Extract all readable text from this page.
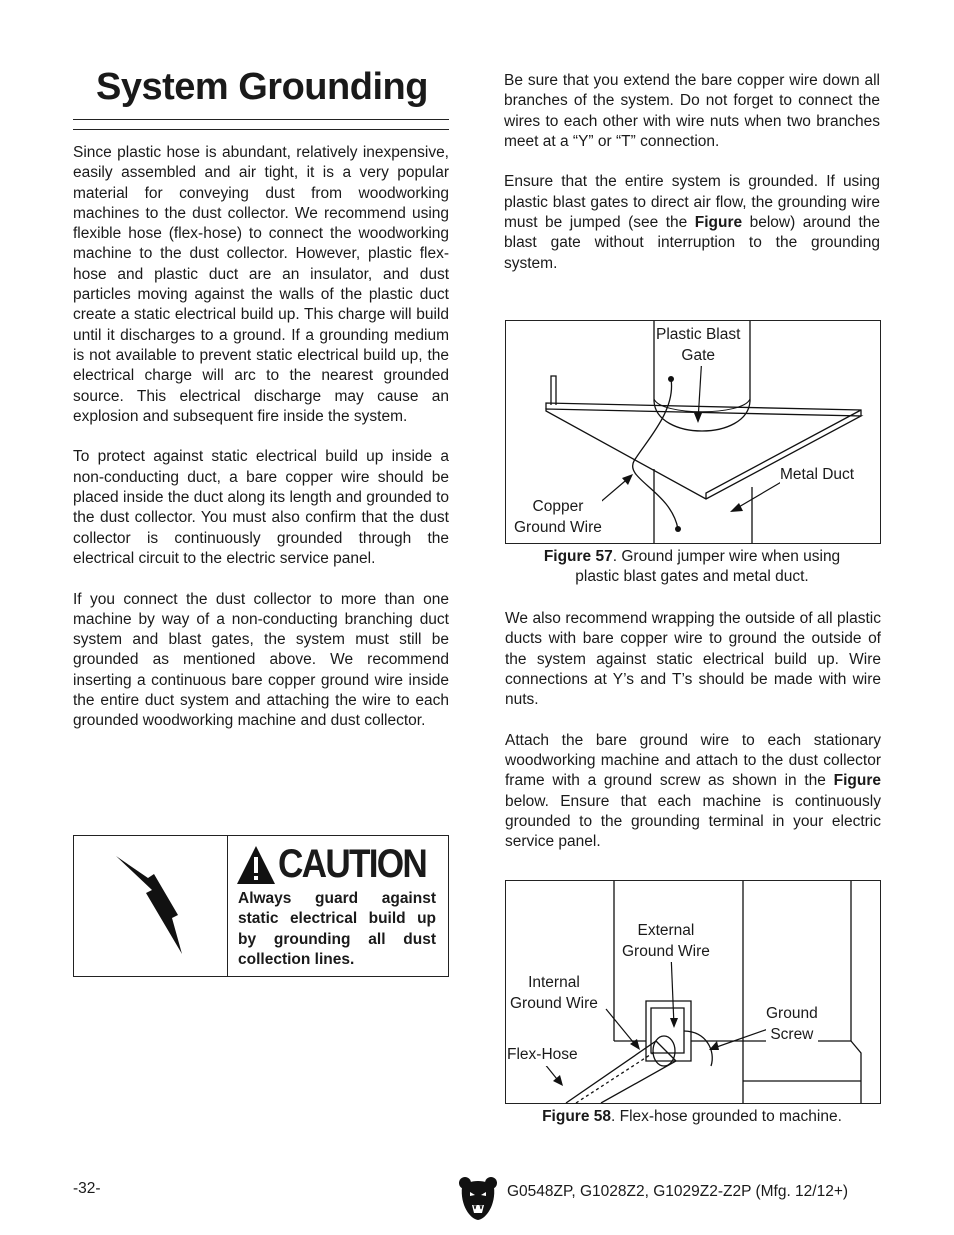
System Grounding

Since plastic hose is abundant, relatively inexpensive, easily assembled and air tight, it is a very popular material for conveying dust from woodworking machines to the dust collector. We recommend using flexible hose (flex-hose) to connect the woodworking machine to the dust collector. However, plastic flex-hose and plastic duct are an insulator, and dust particles moving against the walls of the plastic duct create a static electrical build up. This charge will build until it discharges to a ground. If a grounding medium is not available to prevent static electrical build up, the electrical charge will arc to the nearest grounded source. This electrical discharge may cause an explosion and subsequent fire inside the system.

To protect against static electrical build up inside a non-conducting duct, a bare copper wire should be placed inside the duct along its length and grounded to the dust collector. You must also confirm that the dust collector is continuously grounded through the electrical circuit to the electric service panel.

If you connect the dust collector to more than one machine by way of a non-conducting branching duct system and blast gates, the system must still be grounded as mentioned above. We recommend inserting a continuous bare copper ground wire inside the entire duct system and attaching the wire to each grounded woodworking machine and dust collector.

CAUTION
Always guard against static electrical build up by grounding all dust collection lines.

Be sure that you extend the bare copper wire down all branches of the system. Do not forget to connect the wires to each other with wire nuts when two branches meet at a “Y” or “T” connection.

Ensure that the entire system is grounded. If using plastic blast gates to direct air flow, the grounding wire must be jumped (see the Figure below) around the blast gate without interruption to the grounding system.

Plastic Blast
Gate
Metal Duct
Copper
Ground Wire
Figure 57. Ground jumper wire when using
plastic blast gates and metal duct.

We also recommend wrapping the outside of all plastic ducts with bare copper wire to ground the outside of the system against static electrical build up. Wire connections at Y’s and T’s should be made with wire nuts.

Attach the bare ground wire to each stationary woodworking machine and attach to the dust collector frame with a ground screw as shown in the Figure below. Ensure that each machine is continuously grounded to the grounding terminal in your electric service panel.

External
Ground Wire
Internal
Ground Wire
Ground
Screw
Flex-Hose
Figure 58. Flex-hose grounded to machine.
-32-	G0548ZP, G1028Z2, G1029Z2-Z2P (Mfg. 12/12+)
